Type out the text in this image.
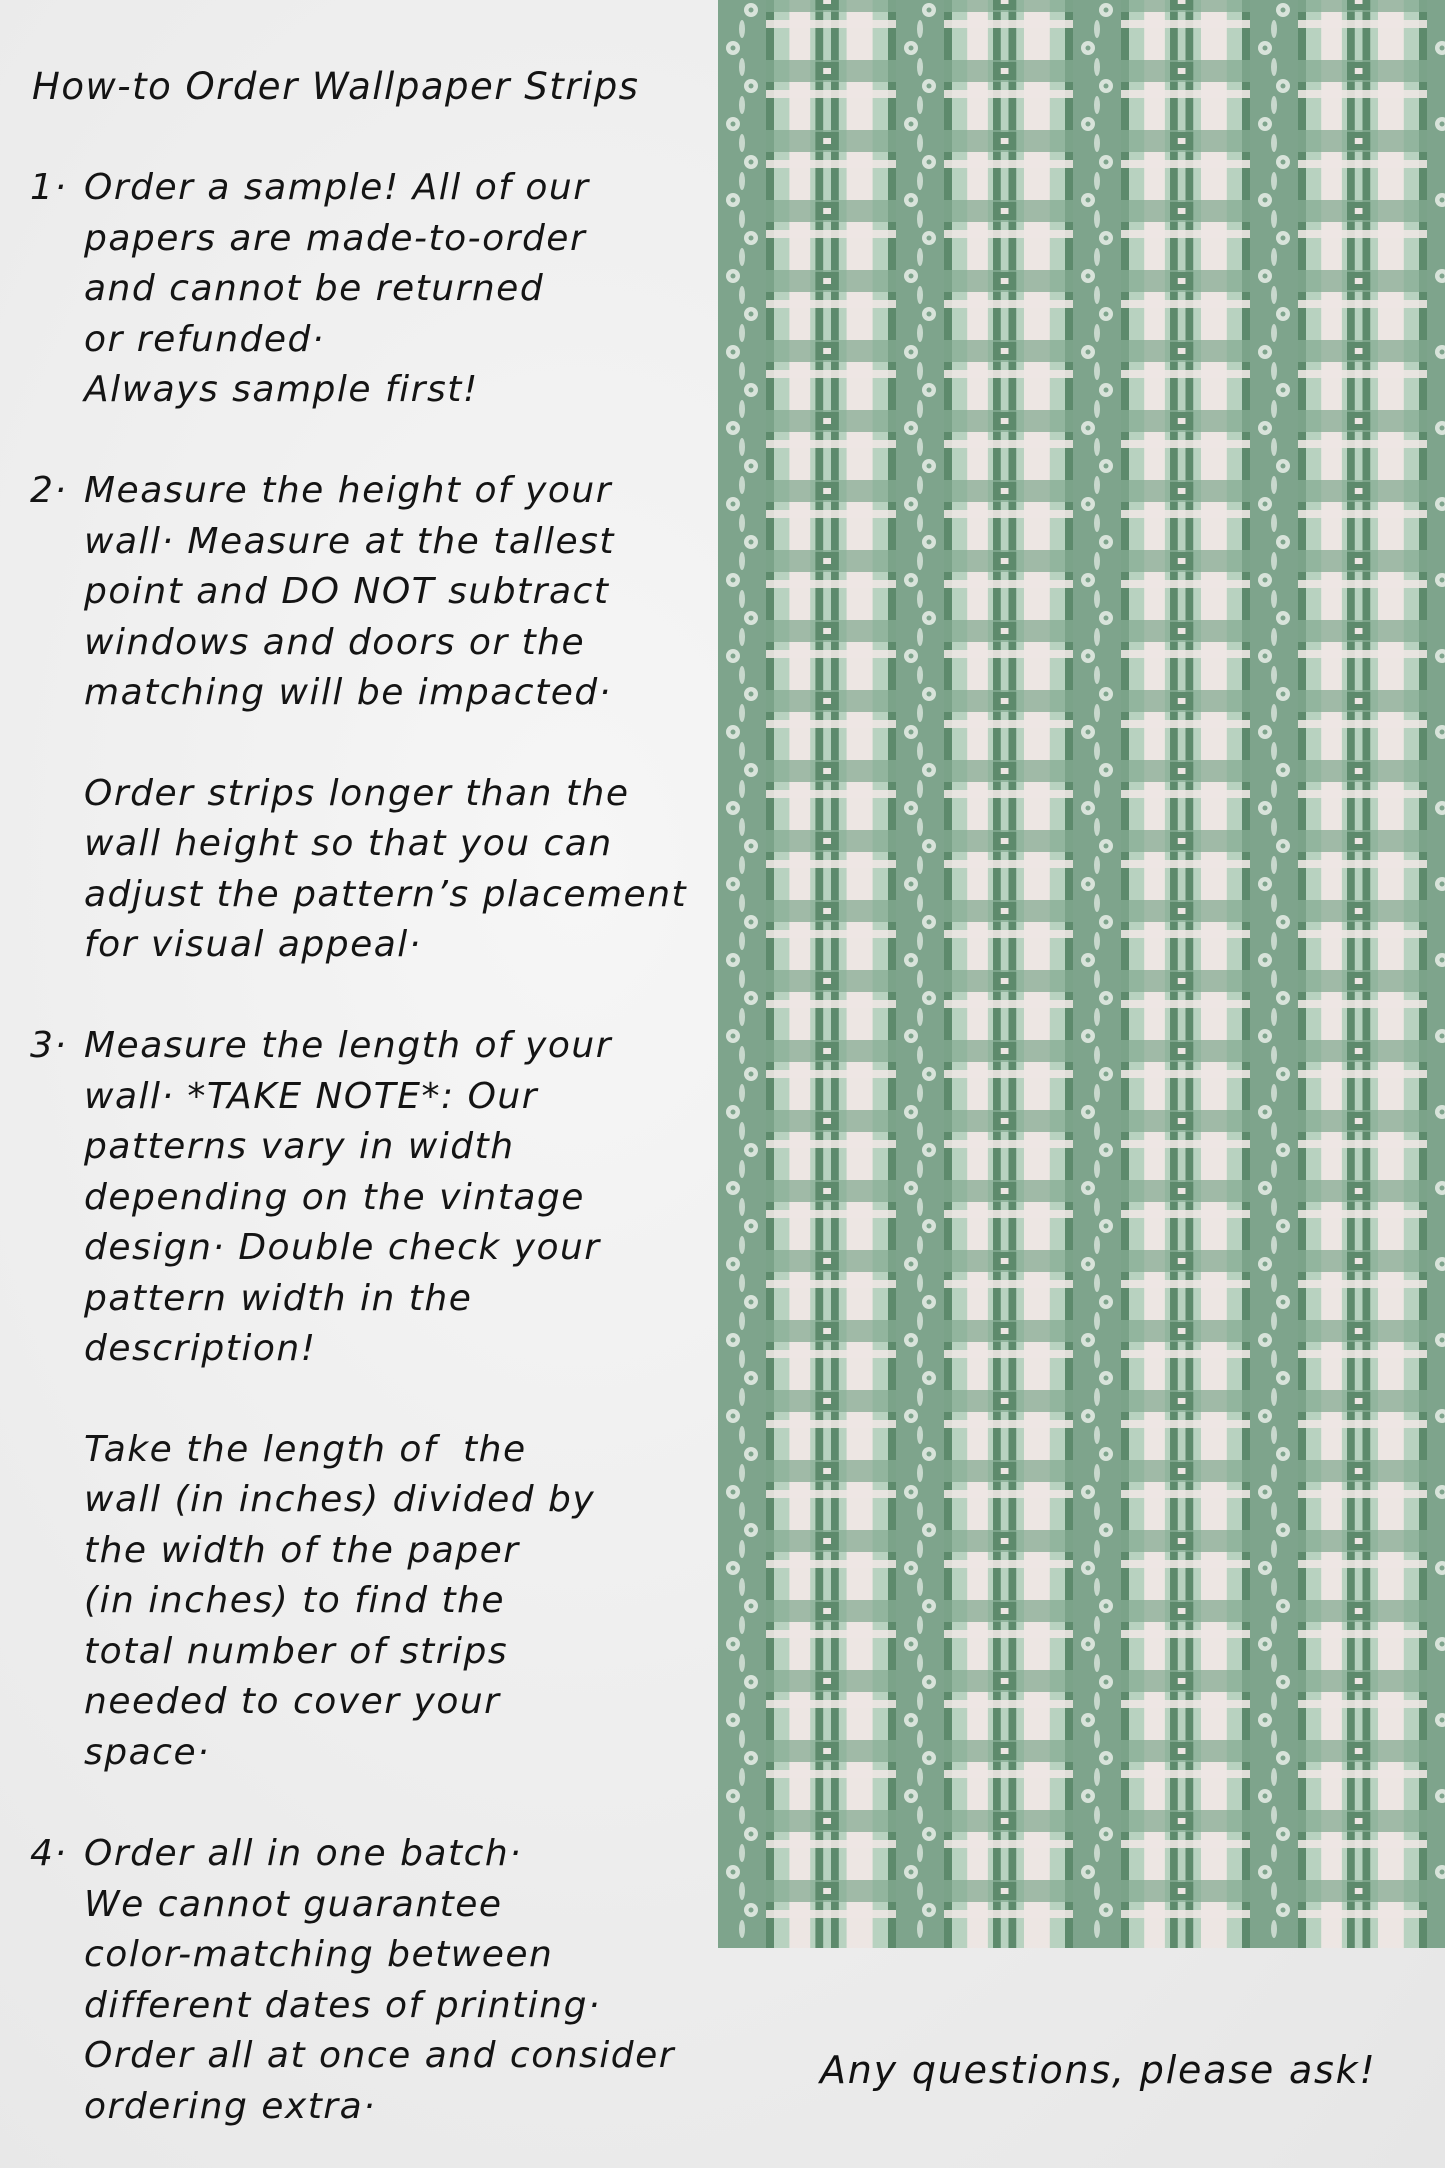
How-to Order Wallpaper Strips
1· Order a sample! All of our
papers are made-to-order
and cannot be returned
or refunded·
Always sample first!
2· Measure the height of your
wall· Measure at the tallest
point and DO NOT subtract
windows and doors or the
matching will be impacted·
Order strips longer than the
wall height so that you can
adjust the pattern’s placement
for visual appeal·
3· Measure the length of your
wall· *TAKE NOTE*: Our
patterns vary in width
depending on the vintage
design· Double check your
pattern width in the
description!
Take the length of  the
wall (in inches) divided by
the width of the paper
(in inches) to find the
total number of strips
needed to cover your
space·
4· Order all in one batch·
We cannot guarantee
color-matching between
different dates of printing·
Order all at once and consider
ordering extra·
Any questions, please ask!
